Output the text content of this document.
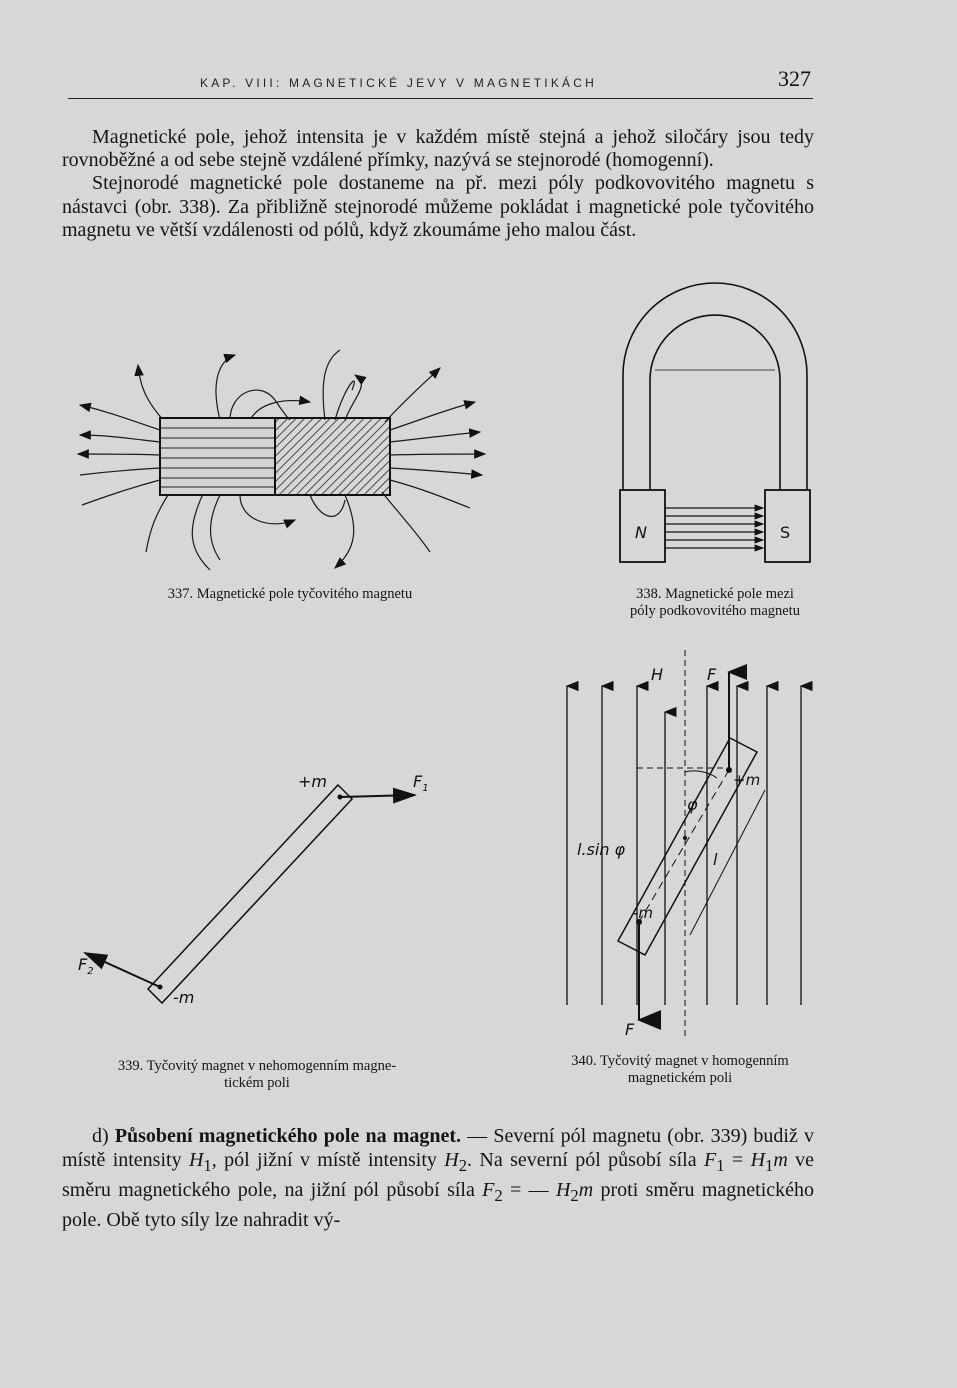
KAP. VIII: MAGNETICKÉ JEVY V MAGNETIKÁCH	327

Magnetické pole, jehož intensita je v každém místě stejná a jehož siločáry jsou tedy rovnoběžné a od sebe stejně vzdálené přímky, nazývá se stejnorodé (homogenní).

Stejnorodé magnetické pole dostaneme na př. mezi póly podkovovitého magnetu s nástavci (obr. 338). Za přibližně stejnorodé můžeme pokládat i magnetické pole tyčovitého magnetu ve větší vzdálenosti od pólů, když zkoumáme jeho malou část.

337. Magnetické pole tyčovitého magnetu
N	S
338. Magnetické pole mezi
póly podkovovitého magnetu
+m
-m
$F_1$
$F_2$
339. Tyčovitý magnet v nehomogenním magne-
tickém poli
H	F
F
+m
-m
φ
l
l.sin φ
340. Tyčovitý magnet v homogenním
magnetickém poli

d) Působení magnetického pole na magnet. — Severní pól magnetu (obr. 339) budiž v místě intensity $H_1$, pól jižní v místě intensity $H_2$. Na severní pól působí síla $F_1 = H_1m$ ve směru magnetického pole, na jižní pól působí síla $F_2$ = — $H_2m$ proti směru magnetického pole. Obě tyto síly lze nahradit vý-
